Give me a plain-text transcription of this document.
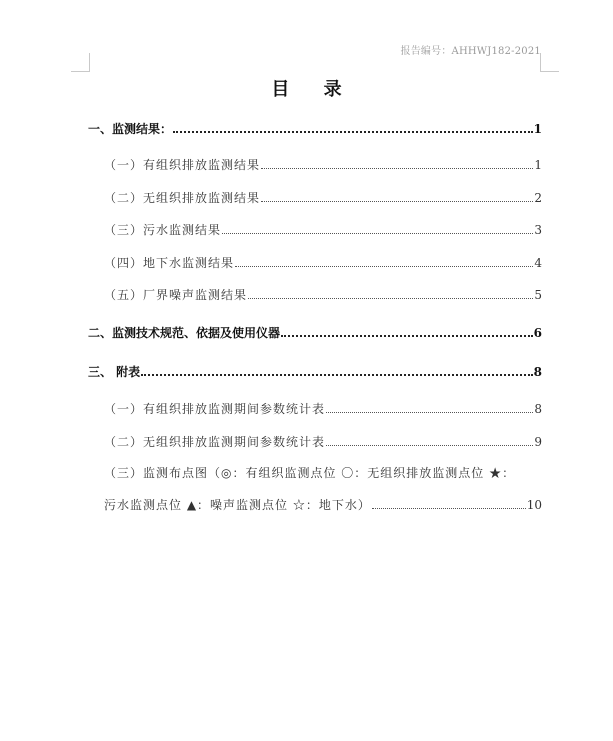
报告编号：AHHWJ182-2021
目 录
一、监测结果：	1
（一）有组织排放监测结果	1
（二）无组织排放监测结果	2
（三）污水监测结果	3
（四）地下水监测结果	4
（五）厂界噪声监测结果	5
二、监测技术规范、依据及使用仪器	6
三、 附表	8
（一）有组织排放监测期间参数统计表	8
（二）无组织排放监测期间参数统计表	9
（三）监测布点图（◎：有组织监测点位 〇：无组织排放监测点位 ★：
污水监测点位 ▲：噪声监测点位 ☆：地下水）	10
